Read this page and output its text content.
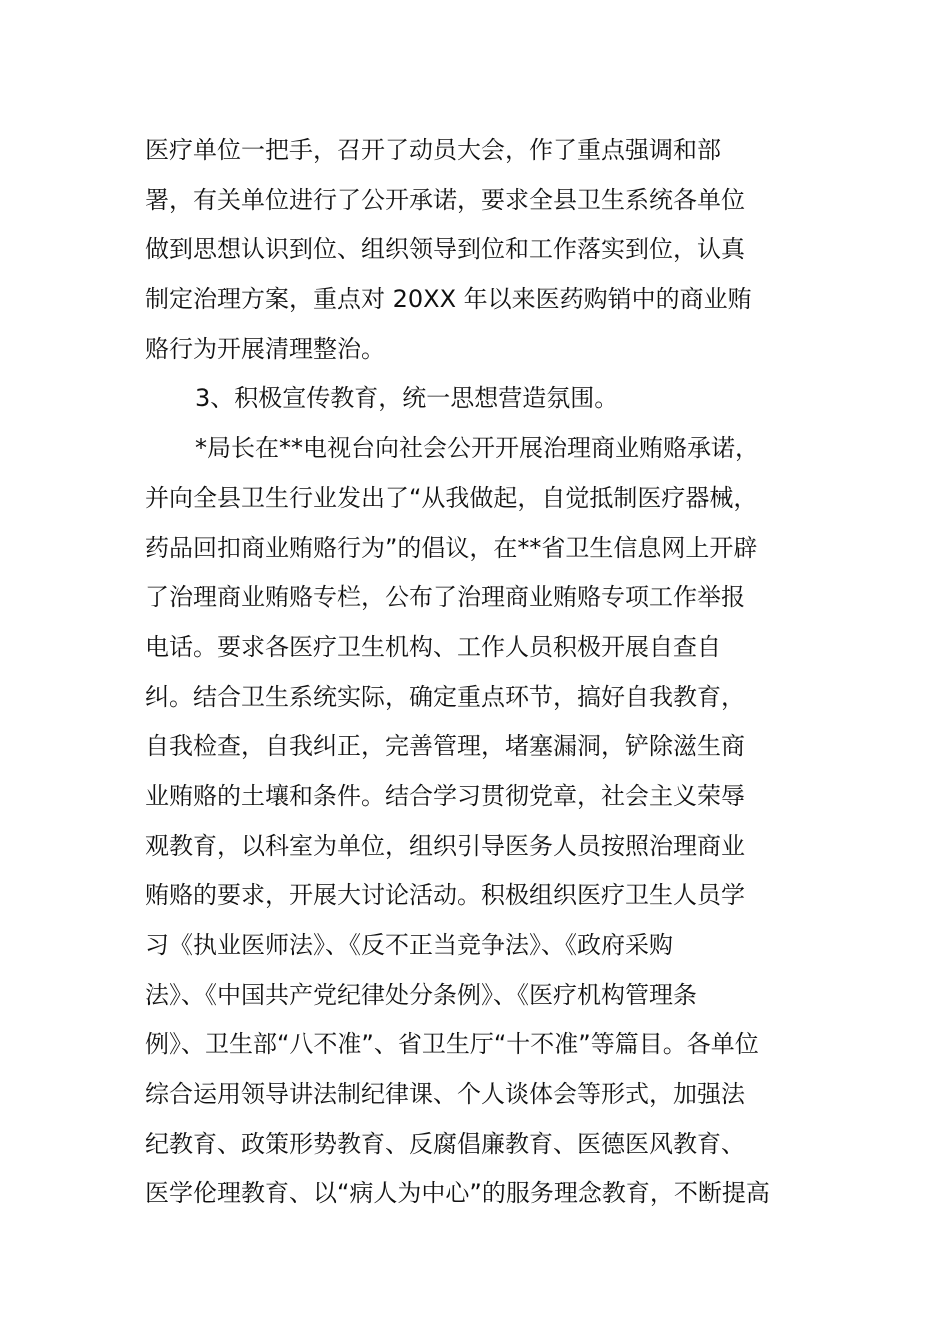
医疗单位一把手，召开了动员大会，作了重点强调和部
署，有关单位进行了公开承诺，要求全县卫生系统各单位
做到思想认识到位、组织领导到位和工作落实到位，认真
制定治理方案，重点对 20XX 年以来医药购销中的商业贿
赂行为开展清理整治。
3、积极宣传教育，统一思想营造氛围。
*局长在**电视台向社会公开开展治理商业贿赂承诺，
并向全县卫生行业发出了“从我做起，自觉抵制医疗器械，
药品回扣商业贿赂行为”的倡议，在**省卫生信息网上开辟
了治理商业贿赂专栏，公布了治理商业贿赂专项工作举报
电话。要求各医疗卫生机构、工作人员积极开展自查自
纠。结合卫生系统实际，确定重点环节，搞好自我教育，
自我检查，自我纠正，完善管理，堵塞漏洞，铲除滋生商
业贿赂的土壤和条件。结合学习贯彻党章，社会主义荣辱
观教育，以科室为单位，组织引导医务人员按照治理商业
贿赂的要求，开展大讨论活动。积极组织医疗卫生人员学
习《执业医师法》、《反不正当竞争法》、《政府采购
法》、《中国共产党纪律处分条例》、《医疗机构管理条
例》、卫生部“八不准”、省卫生厅“十不准”等篇目。各单位
综合运用领导讲法制纪律课、个人谈体会等形式，加强法
纪教育、政策形势教育、反腐倡廉教育、医德医风教育、
医学伦理教育、以“病人为中心”的服务理念教育，不断提高
